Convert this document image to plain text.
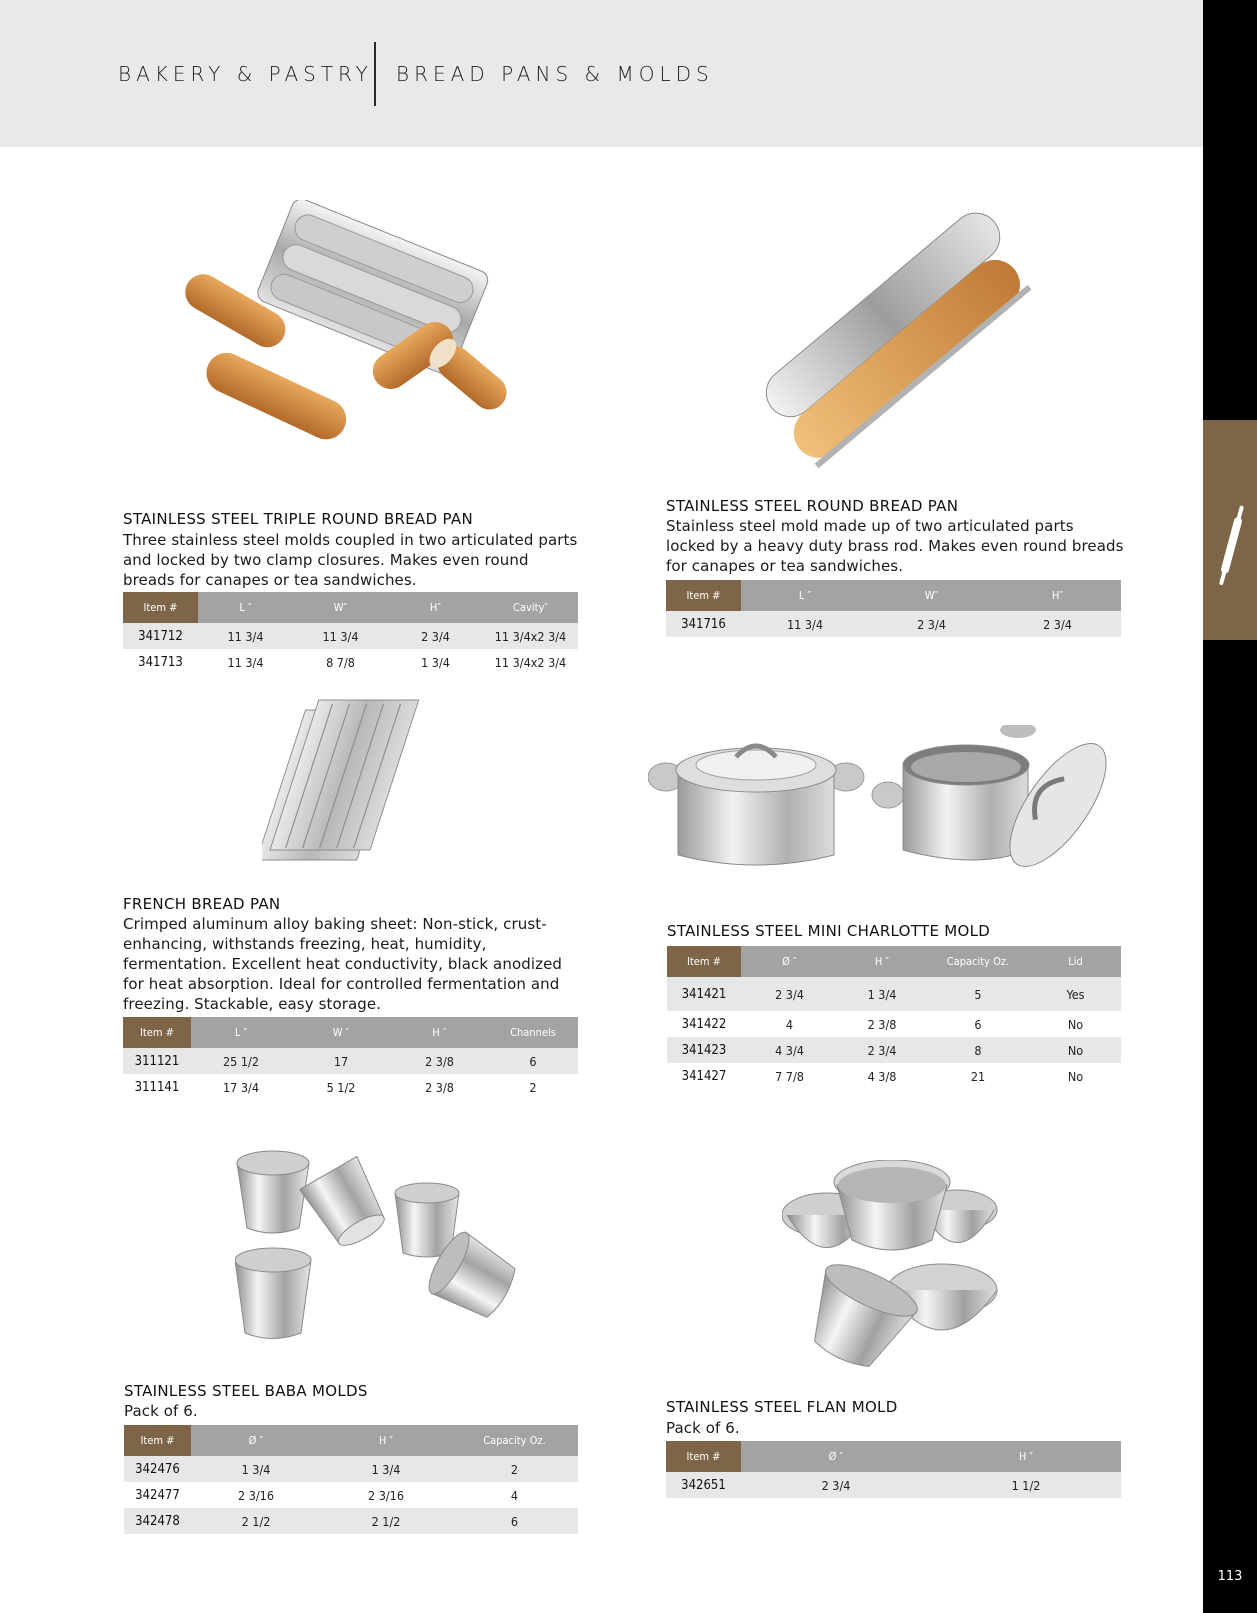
BAKERY & PASTRY BREAD PANS & MOLDS
113
STAINLESS STEEL TRIPLE ROUND BREAD PAN
Three stainless steel molds coupled in two articulated parts and locked by two clamp closures. Makes even round breads for canapes or tea sandwiches.
Item #	L ″	W″	H″	Cavity″
341712	11 3/4	11 3/4	2 3/4	11 3/4x2 3/4
341713	11 3/4	8 7/8	1 3/4	11 3/4x2 3/4
STAINLESS STEEL ROUND BREAD PAN
Stainless steel mold made up of two articulated parts locked by a heavy duty brass rod. Makes even round breads for canapes or tea sandwiches.
Item #	L ″	W″	H″
341716	11 3/4	2 3/4	2 3/4
FRENCH BREAD PAN
Crimped aluminum alloy baking sheet: Non-stick, crust-enhancing, withstands freezing, heat, humidity, fermentation. Excellent heat conductivity, black anodized for heat absorption. Ideal for controlled fermentation and freezing. Stackable, easy storage.
Item #	L ″	W ″	H ″	Channels
311121	25 1/2	17	2 3/8	6
311141	17 3/4	5 1/2	2 3/8	2
STAINLESS STEEL MINI CHARLOTTE MOLD
Item #	Ø ″	H ″	Capacity Oz.	Lid
341421	2 3/4	1 3/4	5	Yes
341422	4	2 3/8	6	No
341423	4 3/4	2 3/4	8	No
341427	7 7/8	4 3/8	21	No
STAINLESS STEEL BABA MOLDS
Pack of 6.
Item #	Ø ″	H ″	Capacity Oz.
342476	1 3/4	1 3/4	2
342477	2 3/16	2 3/16	4
342478	2 1/2	2 1/2	6
STAINLESS STEEL FLAN MOLD
Pack of 6.
Item #	Ø ″	H ″
342651	2 3/4	1 1/2
